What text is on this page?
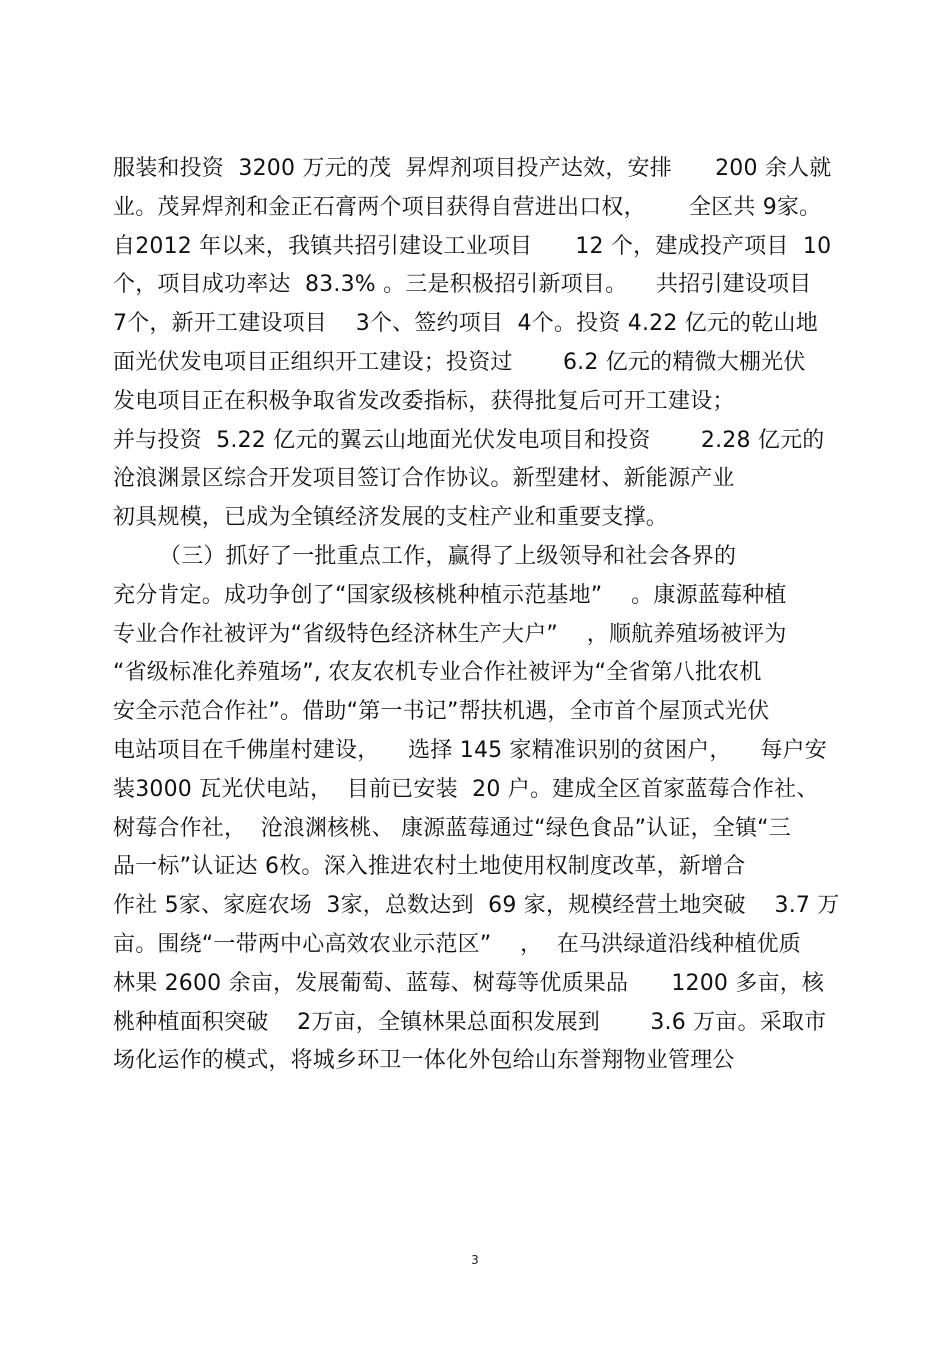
服装和投资  3200 万元的茂  昇焊剂项目投产达效，安排      200 余人就
业。茂昇焊剂和金正石膏两个项目获得自营进出口权，      全区共 9家。
自2012 年以来，我镇共招引建设工业项目      12 个，建成投产项目  10
个，项目成功率达  83.3% 。三是积极招引新项目。    共招引建设项目
7个，新开工建设项目    3个、签约项目  4个。投资 4.22 亿元的乾山地
面光伏发电项目正组织开工建设；投资过       6.2 亿元的精微大棚光伏
发电项目正在积极争取省发改委指标，获得批复后可开工建设；
并与投资  5.22 亿元的翼云山地面光伏发电项目和投资       2.28 亿元的
沧浪渊景区综合开发项目签订合作协议。新型建材、新能源产业
初具规模，已成为全镇经济发展的支柱产业和重要支撑。
（三）抓好了一批重点工作，赢得了上级领导和社会各界的
充分肯定。成功争创了“国家级核桃种植示范基地”    。康源蓝莓种植
专业合作社被评为“省级特色经济林生产大户”    ，顺航养殖场被评为
“省级标准化养殖场”, 农友农机专业合作社被评为“全省第八批农机
安全示范合作社”。借助“第一书记”帮扶机遇，全市首个屋顶式光伏
电站项目在千佛崖村建设，    选择 145 家精准识别的贫困户，    每户安
装3000 瓦光伏电站，  目前已安装  20 户。建成全区首家蓝莓合作社、
树莓合作社，  沧浪渊核桃、 康源蓝莓通过“绿色食品”认证，全镇“三
品一标”认证达 6枚。深入推进农村土地使用权制度改革，新增合
作社 5家、家庭农场  3家，总数达到  69 家，规模经营土地突破    3.7 万
亩。围绕“一带两中心高效农业示范区”    ，  在马洪绿道沿线种植优质
林果 2600 余亩，发展葡萄、蓝莓、树莓等优质果品      1200 多亩，核
桃种植面积突破    2万亩，全镇林果总面积发展到       3.6 万亩。采取市
场化运作的模式，将城乡环卫一体化外包给山东誉翔物业管理公
3
